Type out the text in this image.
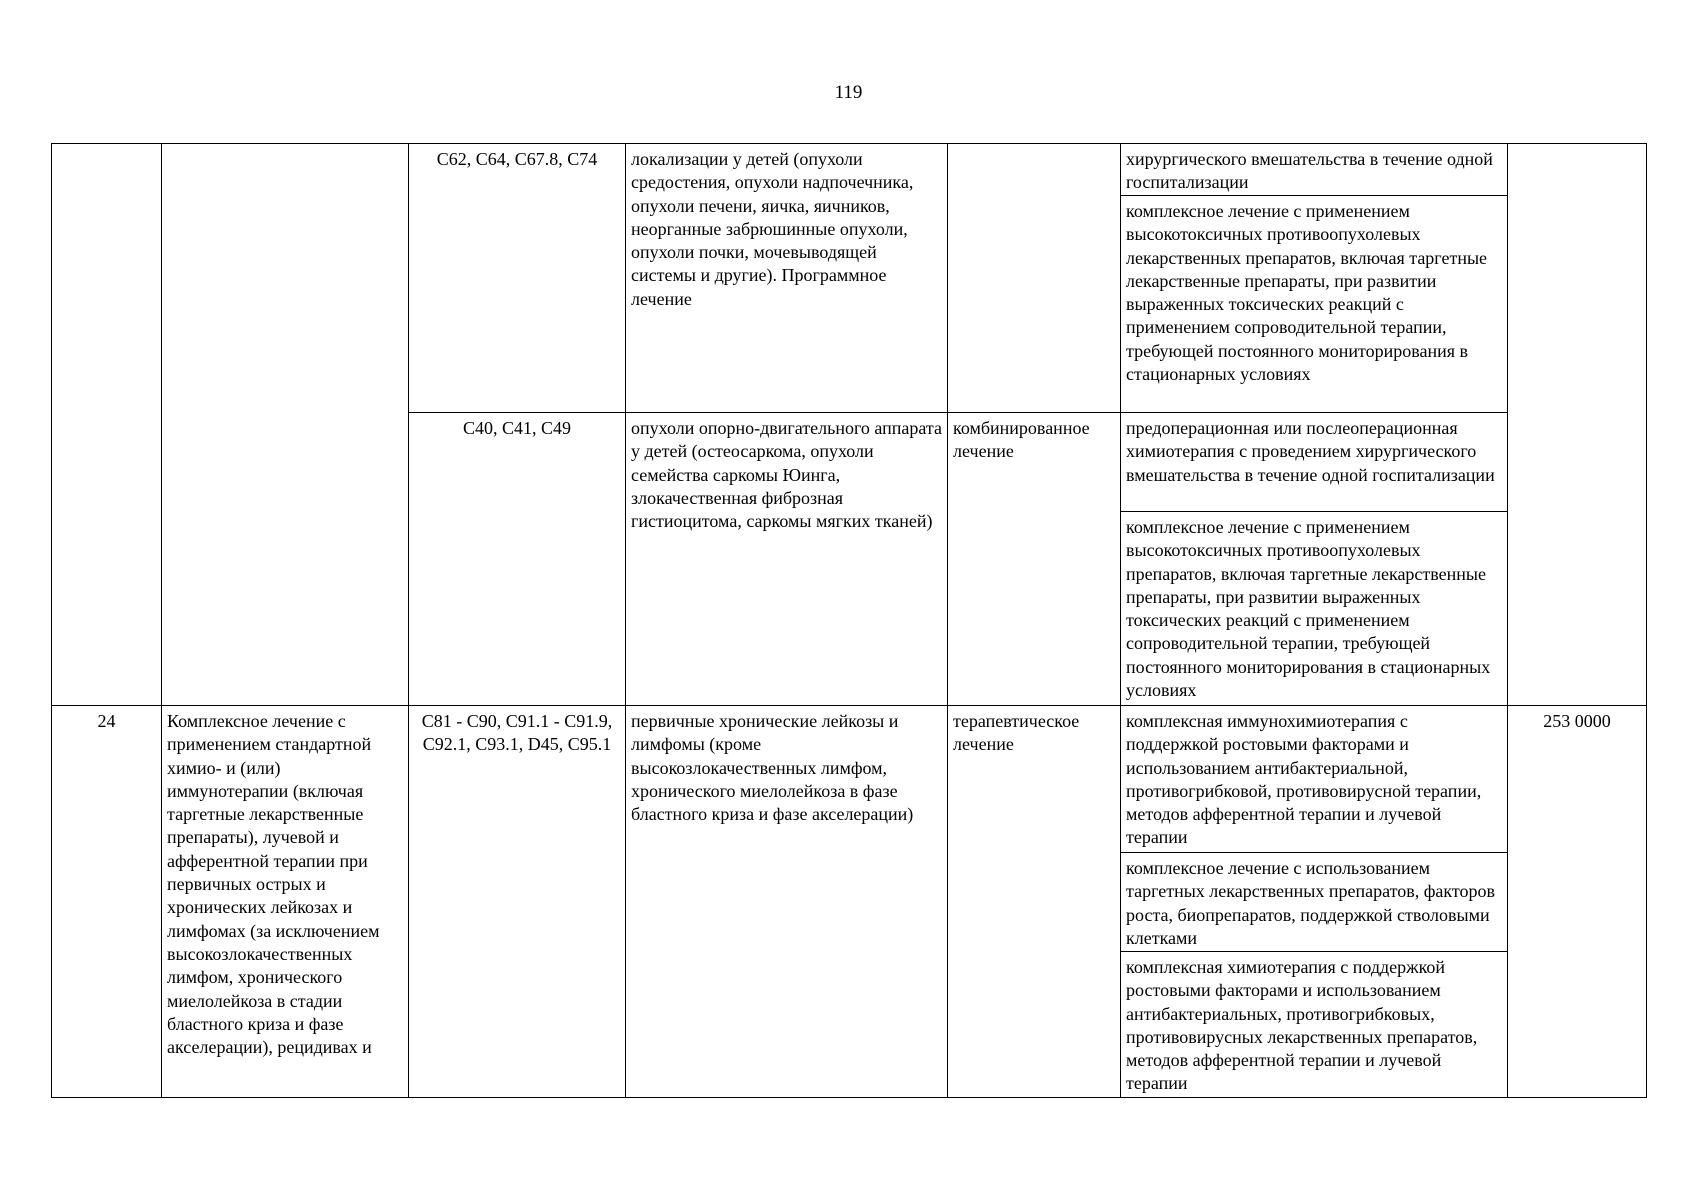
119
		C62, C64, C67.8, C74	локализации у детей (опухоли средостения, опухоли надпочечника, опухоли печени, яичка, яичников, неорганные забрюшинные опухоли, опухоли почки, мочевыводящей системы и другие). Программное лечение		хирургического вмешательства в течение одной госпитализации	
					комплексное лечение с применением высокотоксичных противоопухолевых лекарственных препаратов, включая таргетные лекарственные препараты, при развитии выраженных токсических реакций с применением сопроводительной терапии, требующей постоянного мониторирования в стационарных условиях	
		C40, C41, C49	опухоли опорно-двигательного аппарата у детей (остеосаркома, опухоли семейства саркомы Юинга, злокачественная фиброзная гистиоцитома, саркомы мягких тканей)	комбинированное лечение	предоперационная или послеоперационная химиотерапия с проведением хирургического вмешательства в течение одной госпитализации	
					комплексное лечение с применением высокотоксичных противоопухолевых препаратов, включая таргетные лекарственные препараты, при развитии выраженных токсических реакций с применением сопроводительной терапии, требующей постоянного мониторирования в стационарных условиях	

24	Комплексное лечение с применением стандартной химио- и (или) иммунотерапии (включая таргетные лекарственные препараты), лучевой и афферентной терапии при первичных острых и хронических лейкозах и лимфомах (за исключением высокозлокачественных лимфом, хронического миелолейкоза в стадии бластного криза и фазе акселерации), рецидивах и	C81 - C90, C91.1 - C91.9, C92.1, C93.1, D45, C95.1	первичные хронические лейкозы и лимфомы (кроме высокозлокачественных лимфом, хронического миелолейкоза в фазе бластного криза и фазе акселерации)	терапевтическое лечение	комплексная иммунохимиотерапия с поддержкой ростовыми факторами и использованием антибактериальной, противогрибковой, противовирусной терапии, методов афферентной терапии и лучевой терапии	253 0000
					комплексное лечение с использованием таргетных лекарственных препаратов, факторов роста, биопрепаратов, поддержкой стволовыми клетками	
					комплексная химиотерапия с поддержкой ростовыми факторами и использованием антибактериальных, противогрибковых, противовирусных лекарственных препаратов, методов афферентной терапии и лучевой терапии	
